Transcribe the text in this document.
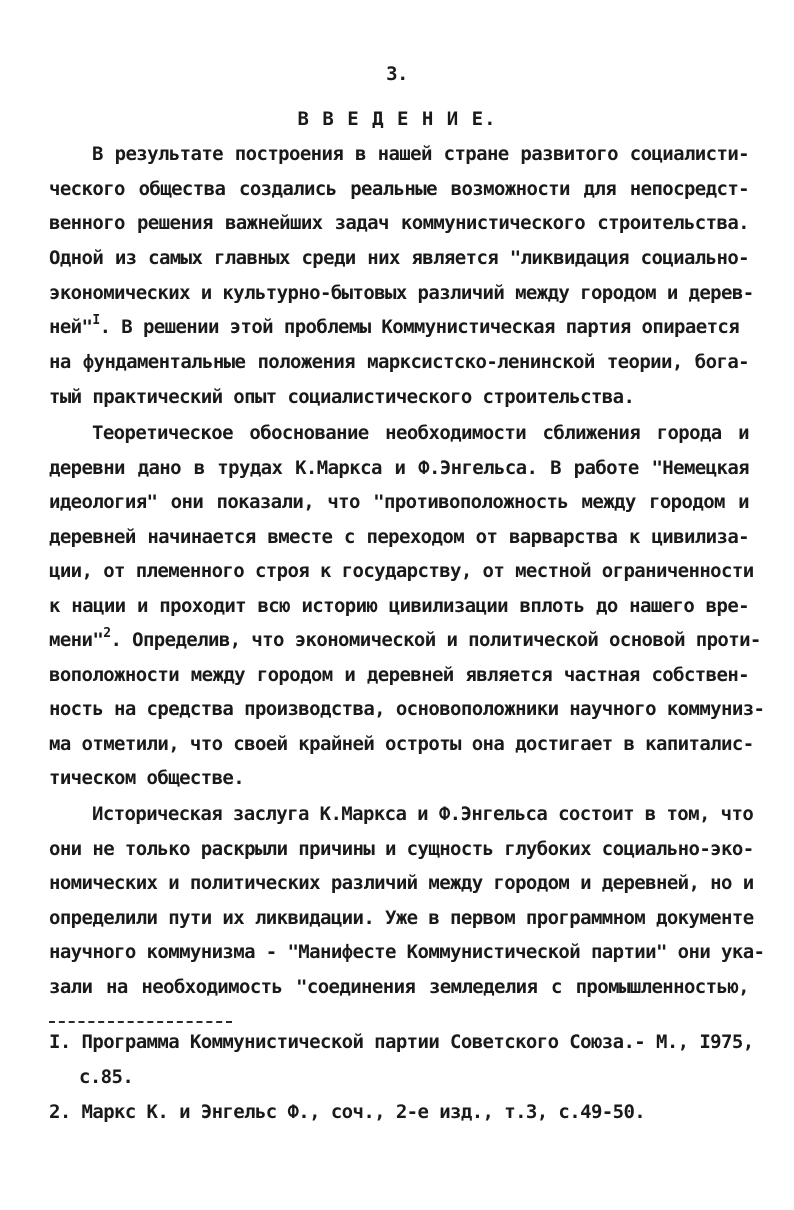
3.
В В Е Д Е Н И Е.
В результате построения в нашей стране развитого социалисти-
ческого общества создались реальные возможности для непосредст-
венного решения важнейших задач коммунистического строительства.
Одной из самых главных среди них является "ликвидация социально-
экономических и культурно-бытовых различий между городом и дерев-
ней"$^I$. В решении этой проблемы Коммунистическая партия опирается
на фундаментальные положения марксистско-ленинской теории, бога-
тый практический опыт социалистического строительства.
Теоретическое обоснование необходимости сближения города и
деревни дано в трудах К.Маркса и Ф.Энгельса. В работе "Немецкая
идеология" они показали, что "противоположность между городом и
деревней начинается вместе с переходом от варварства к цивилиза-
ции, от племенного строя к государству, от местной ограниченности
к нации и проходит всю историю цивилизации вплоть до нашего вре-
мени"$^2$. Определив, что экономической и политической основой проти-
воположности между городом и деревней является частная собствен-
ность на средства производства, основоположники научного коммуниз-
ма отметили, что своей крайней остроты она достигает в капиталис-
тическом обществе.
Историческая заслуга К.Маркса и Ф.Энгельса состоит в том, что
они не только раскрыли причины и сущность глубоких социально-эко-
номических и политических различий между городом и деревней, но и
определили пути их ликвидации. Уже в первом программном документе
научного коммунизма - "Манифесте Коммунистической партии" они ука-
зали на необходимость "соединения земледелия с промышленностью,
I. Программа Коммунистической партии Советского Союза.- М., I975,
с.85.
2. Маркс К. и Энгельс Ф., соч., 2-е изд., т.3, с.49-50.
